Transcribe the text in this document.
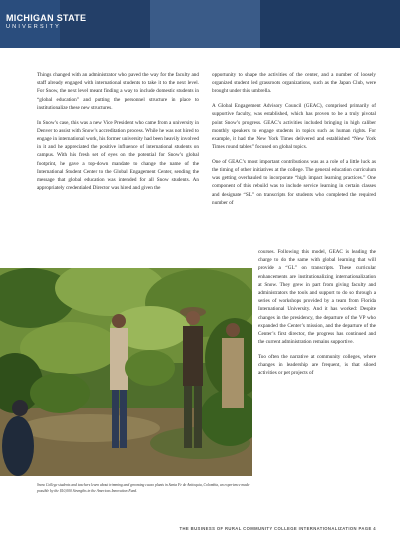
MICHIGAN STATE
UNIVERSITY

Things changed with an administrator who paved the way for the faculty and staff already engaged with international students to take it to the next level. For Snow, the next level meant finding a way to include domestic students in “global education” and putting the personnel structure in place to institutionalize these new structures.

In Snow’s case, this was a new Vice President who came from a university in Denver to assist with Snow’s accreditation process. While he was not hired to engage in international work, his former university had been heavily involved in it and he appreciated the positive influence of international students on campus. With his fresh set of eyes on the potential for Snow’s global footprint, he gave a top-down mandate to change the name of the International Student Center to the Global Engagement Center, sending the message that global education was intended for all Snow students. An appropriately credentialed Director was hired and given the

opportunity to shape the activities of the center, and a number of loosely organized student led grassroots organizations, such as the Japan Club, were brought under this umbrella.

A Global Engagement Advisory Council (GEAC), comprised primarily of supportive faculty, was established, which has proven to be a truly pivotal point Snow’s progress. GEAC’s activities included bringing in high caliber monthly speakers to engage students in topics such as human rights. For example, it had the New York Times delivered and established “New York Times round tables” focused on global topics.

One of GEAC’s most important contributions was as a role of a little luck as the timing of other initiatives at the college. The general education curriculum was getting overhauled to incorporate “high impact learning practices.” One component of this rebuild was to include service learning in certain classes and designate “SL” on transcripts for students who completed the required number of

courses. Following this model, GEAC is leading the charge to do the same with global learning that will provide a “GL” on transcripts. These curricular enhancements are institutionalizing internationalization at Snow. They grew in part from giving faculty and administrators the tools and support to do so through a series of workshops provided by a team from Florida International University. And it has worked: Despite changes in the presidency, the departure of the VP who expanded the Center’s mission, and the departure of the Center’s first director, the progress has continued and the current administration remains supportive.

Too often the narrative at community colleges, where changes in leadership are frequent, is that siloed activities or pet projects of

Snow College students and teachers learn about trimming and grooming cacao plants in Santa Fe de Antioquia, Colombia, an experience made possible by the $10,000 Strengths in the Americas Innovation Fund.
THE BUSINESS OF RURAL COMMUNITY COLLEGE INTERNATIONALIZATION PAGE 4
